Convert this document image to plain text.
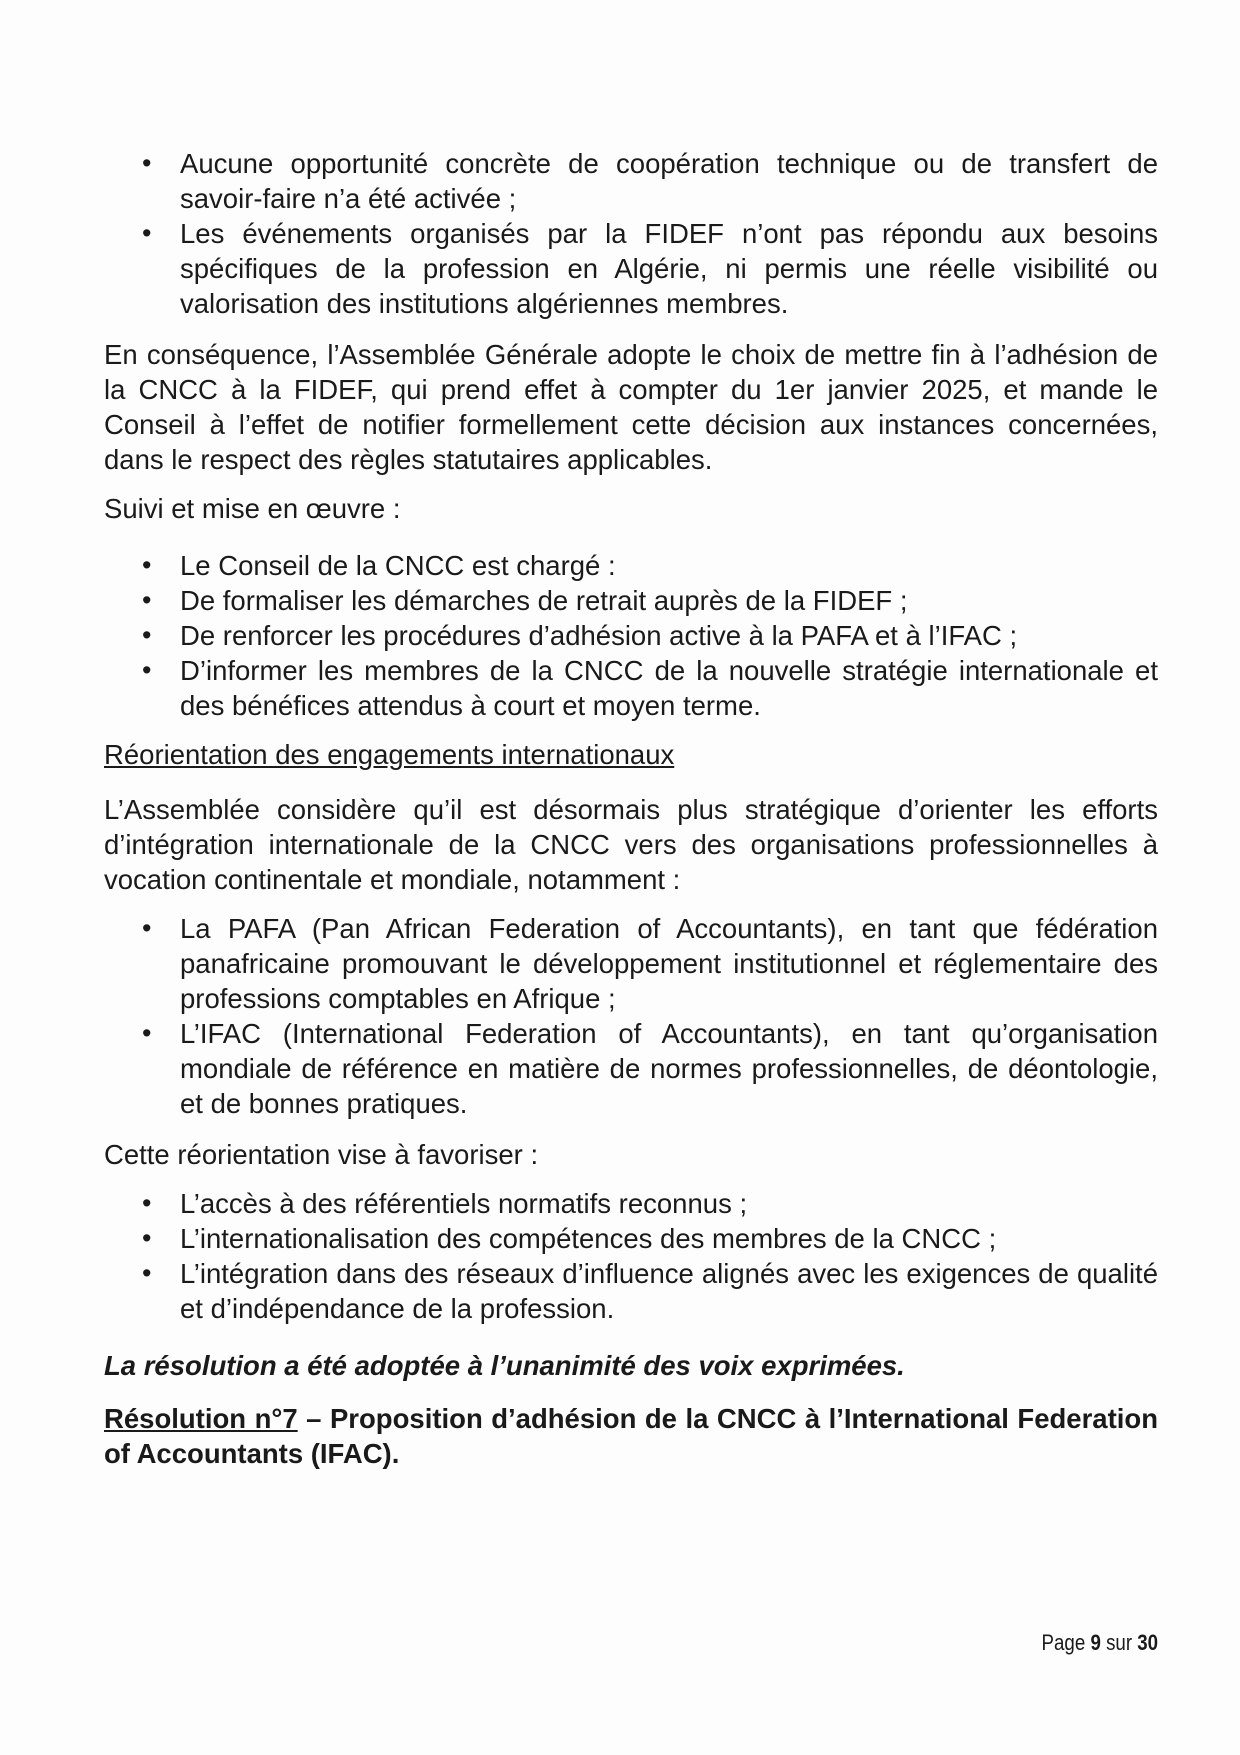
• Aucune opportunité concrète de coopération technique ou de transfert de savoir-faire n’a été activée ;
• Les événements organisés par la FIDEF n’ont pas répondu aux besoins spécifiques de la profession en Algérie, ni permis une réelle visibilité ou valorisation des institutions algériennes membres.

En conséquence, l’Assemblée Générale adopte le choix de mettre fin à l’adhésion de la CNCC à la FIDEF, qui prend effet à compter du 1er janvier 2025, et mande le Conseil à l’effet de notifier formellement cette décision aux instances concernées, dans le respect des règles statutaires applicables.

Suivi et mise en œuvre :

• Le Conseil de la CNCC est chargé :
• De formaliser les démarches de retrait auprès de la FIDEF ;
• De renforcer les procédures d’adhésion active à la PAFA et à l’IFAC ;
• D’informer les membres de la CNCC de la nouvelle stratégie internationale et des bénéfices attendus à court et moyen terme.

Réorientation des engagements internationaux

L’Assemblée considère qu’il est désormais plus stratégique d’orienter les efforts d’intégration internationale de la CNCC vers des organisations professionnelles à vocation continentale et mondiale, notamment :

• La PAFA (Pan African Federation of Accountants), en tant que fédération panafricaine promouvant le développement institutionnel et réglementaire des professions comptables en Afrique ;
• L’IFAC (International Federation of Accountants), en tant qu’organisation mondiale de référence en matière de normes professionnelles, de déontologie, et de bonnes pratiques.

Cette réorientation vise à favoriser :

• L’accès à des référentiels normatifs reconnus ;
• L’internationalisation des compétences des membres de la CNCC ;
• L’intégration dans des réseaux d’influence alignés avec les exigences de qualité et d’indépendance de la profession.

La résolution a été adoptée à l’unanimité des voix exprimées.

Résolution n°7 – Proposition d’adhésion de la CNCC à l’International Federation of Accountants (IFAC).

Page 9 sur 30
